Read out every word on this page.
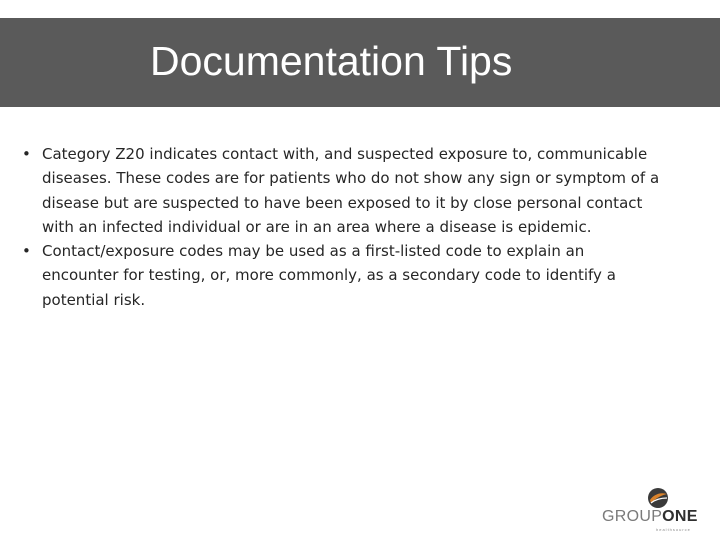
Documentation Tips
• Category Z20 indicates contact with, and suspected exposure to, communicable diseases. These codes are for patients who do not show any sign or symptom of a disease but are suspected to have been exposed to it by close personal contact with an infected individual or are in an area where a disease is epidemic.
• Contact/exposure codes may be used as a first-listed code to explain an encounter for testing, or, more commonly, as a secondary code to identify a potential risk.
GROUPONE
healthsource
